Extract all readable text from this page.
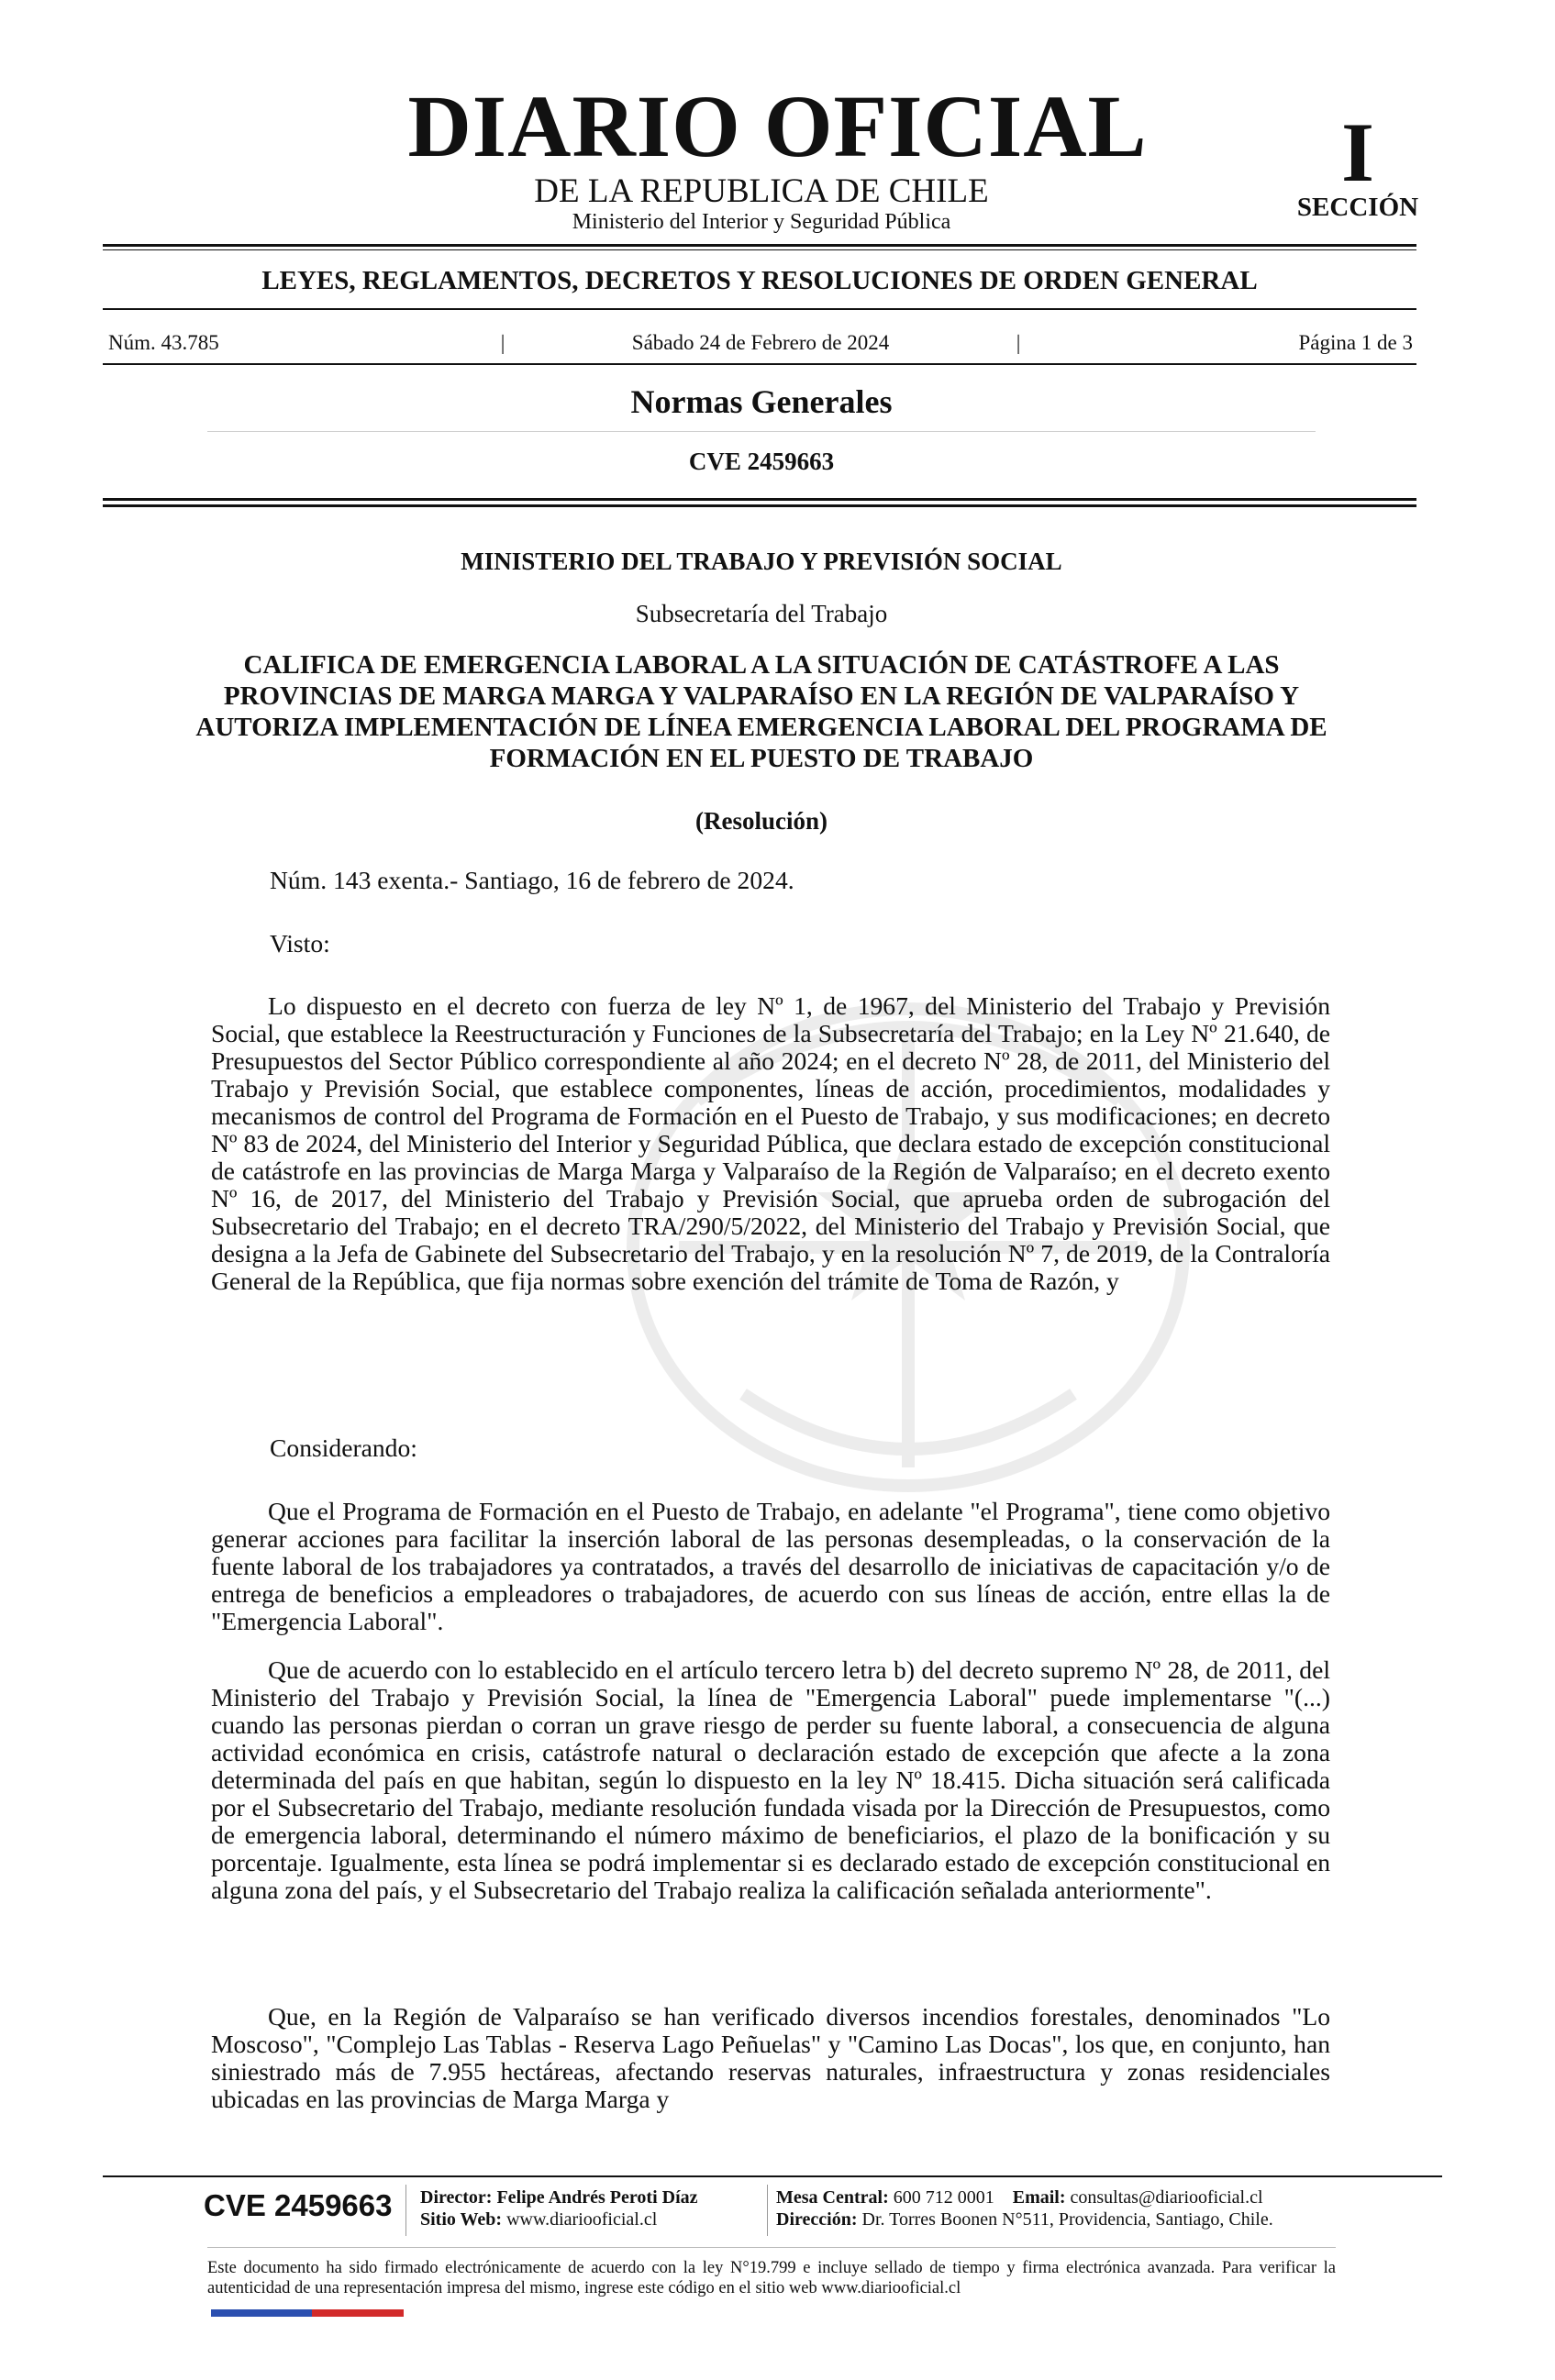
DIARIO OFICIAL
DE LA REPUBLICA DE CHILE
Ministerio del Interior y Seguridad Pública
I
SECCIÓN
LEYES, REGLAMENTOS, DECRETOS Y RESOLUCIONES DE ORDEN GENERAL
Núm. 43.785	|	Sábado 24 de Febrero de 2024	|	Página 1 de 3
Normas Generales
CVE 2459663
MINISTERIO DEL TRABAJO Y PREVISIÓN SOCIAL
Subsecretaría del Trabajo
CALIFICA DE EMERGENCIA LABORAL A LA SITUACIÓN DE CATÁSTROFE A LAS PROVINCIAS DE MARGA MARGA Y VALPARAÍSO EN LA REGIÓN DE VALPARAÍSO Y AUTORIZA IMPLEMENTACIÓN DE LÍNEA EMERGENCIA LABORAL DEL PROGRAMA DE FORMACIÓN EN EL PUESTO DE TRABAJO
(Resolución)
Núm. 143 exenta.- Santiago, 16 de febrero de 2024.
Visto:
Lo dispuesto en el decreto con fuerza de ley Nº 1, de 1967, del Ministerio del Trabajo y Previsión Social, que establece la Reestructuración y Funciones de la Subsecretaría del Trabajo; en la Ley Nº 21.640, de Presupuestos del Sector Público correspondiente al año 2024; en el decreto Nº 28, de 2011, del Ministerio del Trabajo y Previsión Social, que establece componentes, líneas de acción, procedimientos, modalidades y mecanismos de control del Programa de Formación en el Puesto de Trabajo, y sus modificaciones; en decreto Nº 83 de 2024, del Ministerio del Interior y Seguridad Pública, que declara estado de excepción constitucional de catástrofe en las provincias de Marga Marga y Valparaíso de la Región de Valparaíso; en el decreto exento Nº 16, de 2017, del Ministerio del Trabajo y Previsión Social, que aprueba orden de subrogación del Subsecretario del Trabajo; en el decreto TRA/290/5/2022, del Ministerio del Trabajo y Previsión Social, que designa a la Jefa de Gabinete del Subsecretario del Trabajo, y en la resolución Nº 7, de 2019, de la Contraloría General de la República, que fija normas sobre exención del trámite de Toma de Razón, y
Considerando:
Que el Programa de Formación en el Puesto de Trabajo, en adelante "el Programa", tiene como objetivo generar acciones para facilitar la inserción laboral de las personas desempleadas, o la conservación de la fuente laboral de los trabajadores ya contratados, a través del desarrollo de iniciativas de capacitación y/o de entrega de beneficios a empleadores o trabajadores, de acuerdo con sus líneas de acción, entre ellas la de "Emergencia Laboral".
Que de acuerdo con lo establecido en el artículo tercero letra b) del decreto supremo Nº 28, de 2011, del Ministerio del Trabajo y Previsión Social, la línea de "Emergencia Laboral" puede implementarse "(...) cuando las personas pierdan o corran un grave riesgo de perder su fuente laboral, a consecuencia de alguna actividad económica en crisis, catástrofe natural o declaración estado de excepción que afecte a la zona determinada del país en que habitan, según lo dispuesto en la ley Nº 18.415. Dicha situación será calificada por el Subsecretario del Trabajo, mediante resolución fundada visada por la Dirección de Presupuestos, como de emergencia laboral, determinando el número máximo de beneficiarios, el plazo de la bonificación y su porcentaje. Igualmente, esta línea se podrá implementar si es declarado estado de excepción constitucional en alguna zona del país, y el Subsecretario del Trabajo realiza la calificación señalada anteriormente".
Que, en la Región de Valparaíso se han verificado diversos incendios forestales, denominados "Lo Moscoso", "Complejo Las Tablas - Reserva Lago Peñuelas" y "Camino Las Docas", los que, en conjunto, han siniestrado más de 7.955 hectáreas, afectando reservas naturales, infraestructura y zonas residenciales ubicadas en las provincias de Marga Marga y
CVE 2459663 Director: Felipe Andrés Peroti Díaz
Sitio Web: www.diariooficial.cl
Mesa Central: 600 712 0001 Email: consultas@diariooficial.cl
Dirección: Dr. Torres Boonen N°511, Providencia, Santiago, Chile.
Este documento ha sido firmado electrónicamente de acuerdo con la ley N°19.799 e incluye sellado de tiempo y firma electrónica avanzada. Para verificar la autenticidad de una representación impresa del mismo, ingrese este código en el sitio web www.diariooficial.cl
